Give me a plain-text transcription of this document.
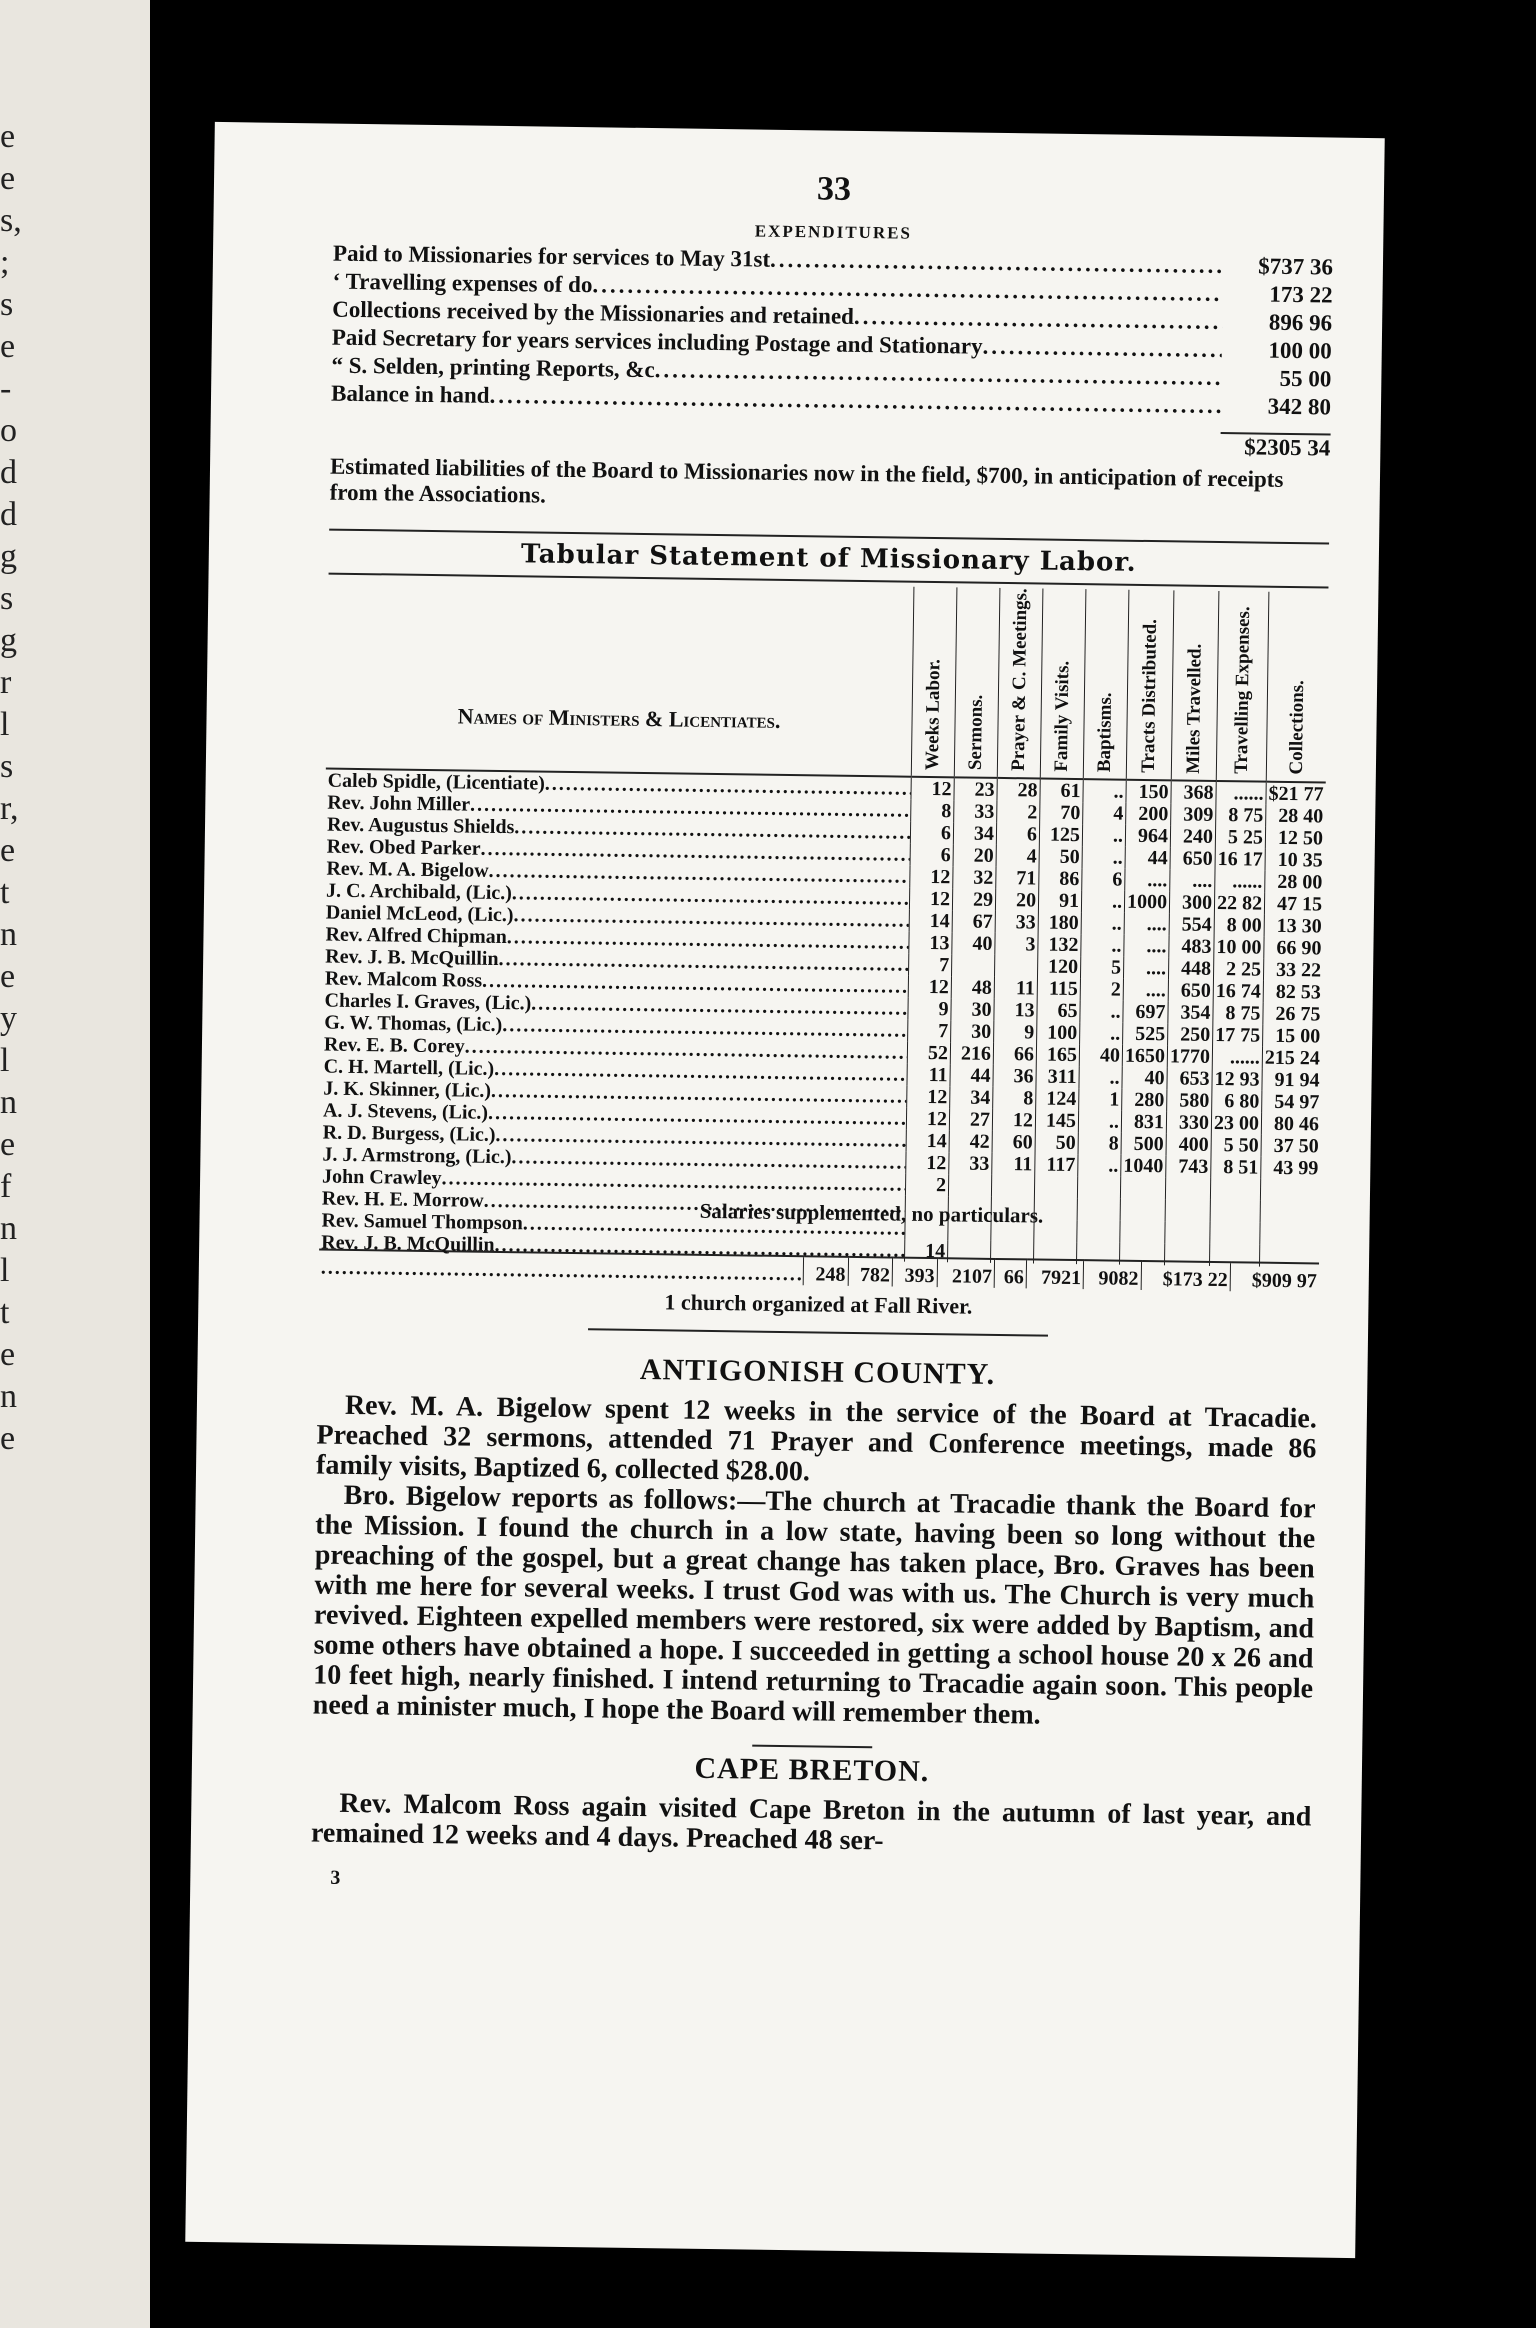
e
e
s,
;
s
e
-
o
d
d
g
s
g
r
l
s
r,
e
t
n
e
y
l
n
e
f
n
l
t
e
n
e
33
EXPENDITURES
Paid to Missionaries for services to May 31st .....	$737 36
‘ Travelling expenses of do .....	173 22
Collections received by the Missionaries and retained .....	896 96
Paid Secretary for years services including Postage and Stationary .....	100 00
“ S. Selden, printing Reports, &c .....	55 00
Balance in hand .....	342 80
$2305 34

Estimated liabilities of the Board to Missionaries now in the field, $700, in anticipation of receipts from the Associations.

Tabular Statement of Missionary Labor.
Names of Ministers & Licentiates.	Weeks Labor.	Sermons.	Prayer & C. Meetings.	Family Visits.	Baptisms.	Tracts Distributed.	Miles Travelled.	Travelling Expenses.	Collections.
Caleb Spidle, (Licentiate) .....	12	23	28	61	..	150	368	......	$21 77
Rev. John Miller .....	8	33	2	70	4	200	309	8 75	28 40
Rev. Augustus Shields .....	6	34	6	125	..	964	240	5 25	12 50
Rev. Obed Parker .....	6	20	4	50	..	44	650	16 17	10 35
Rev. M. A. Bigelow .....	12	32	71	86	6	....	....	......	28 00
J. C. Archibald, (Lic.) .....	12	29	20	91	..	1000	300	22 82	47 15
Daniel McLeod, (Lic.) .....	14	67	33	180	..	....	554	8 00	13 30
Rev. Alfred Chipman .....	13	40	3	132	..	....	483	10 00	66 90
Rev. J. B. McQuillin .....	7			120	5	....	448	2 25	33 22
Rev. Malcom Ross .....	12	48	11	115	2	....	650	16 74	82 53
Charles I. Graves, (Lic.) .....	9	30	13	65	..	697	354	8 75	26 75
G. W. Thomas, (Lic.) .....	7	30	9	100	..	525	250	17 75	15 00
Rev. E. B. Corey .....	52	216	66	165	40	1650	1770	......	215 24
C. H. Martell, (Lic.) .....	11	44	36	311	..	40	653	12 93	91 94
J. K. Skinner, (Lic.) .....	12	34	8	124	1	280	580	6 80	54 97
A. J. Stevens, (Lic.) .....	12	27	12	145	..	831	330	23 00	80 46
R. D. Burgess, (Lic.) .....	14	42	60	50	8	500	400	5 50	37 50
J. J. Armstrong, (Lic.) .....	12	33	11	117	..	1040	743	8 51	43 99
John Crawley .....	2								
Rev. H. E. Morrow .....									
Rev. Samuel Thompson .....									
Rev. J. B. McQuillin .....	14								
Salaries supplemented, no particulars.
.....	248	782	393	2107	66	7921	9082	$173 22	$909 97
1 church organized at Fall River.
ANTIGONISH COUNTY.

Rev. M. A. Bigelow spent 12 weeks in the service of the Board at Tracadie. Preached 32 sermons, attended 71 Prayer and Conference meetings, made 86 family visits, Baptized 6, collected $28.00.

Bro. Bigelow reports as follows:—The church at Tracadie thank the Board for the Mission. I found the church in a low state, having been so long without the preaching of the gospel, but a great change has taken place, Bro. Graves has been with me here for several weeks. I trust God was with us. The Church is very much revived. Eighteen expelled members were restored, six were added by Baptism, and some others have obtained a hope. I succeeded in getting a school house 20 x 26 and 10 feet high, nearly finished. I intend returning to Tracadie again soon. This people need a minister much, I hope the Board will remember them.

CAPE BRETON.

Rev. Malcom Ross again visited Cape Breton in the autumn of last year, and remained 12 weeks and 4 days. Preached 48 ser-

3
